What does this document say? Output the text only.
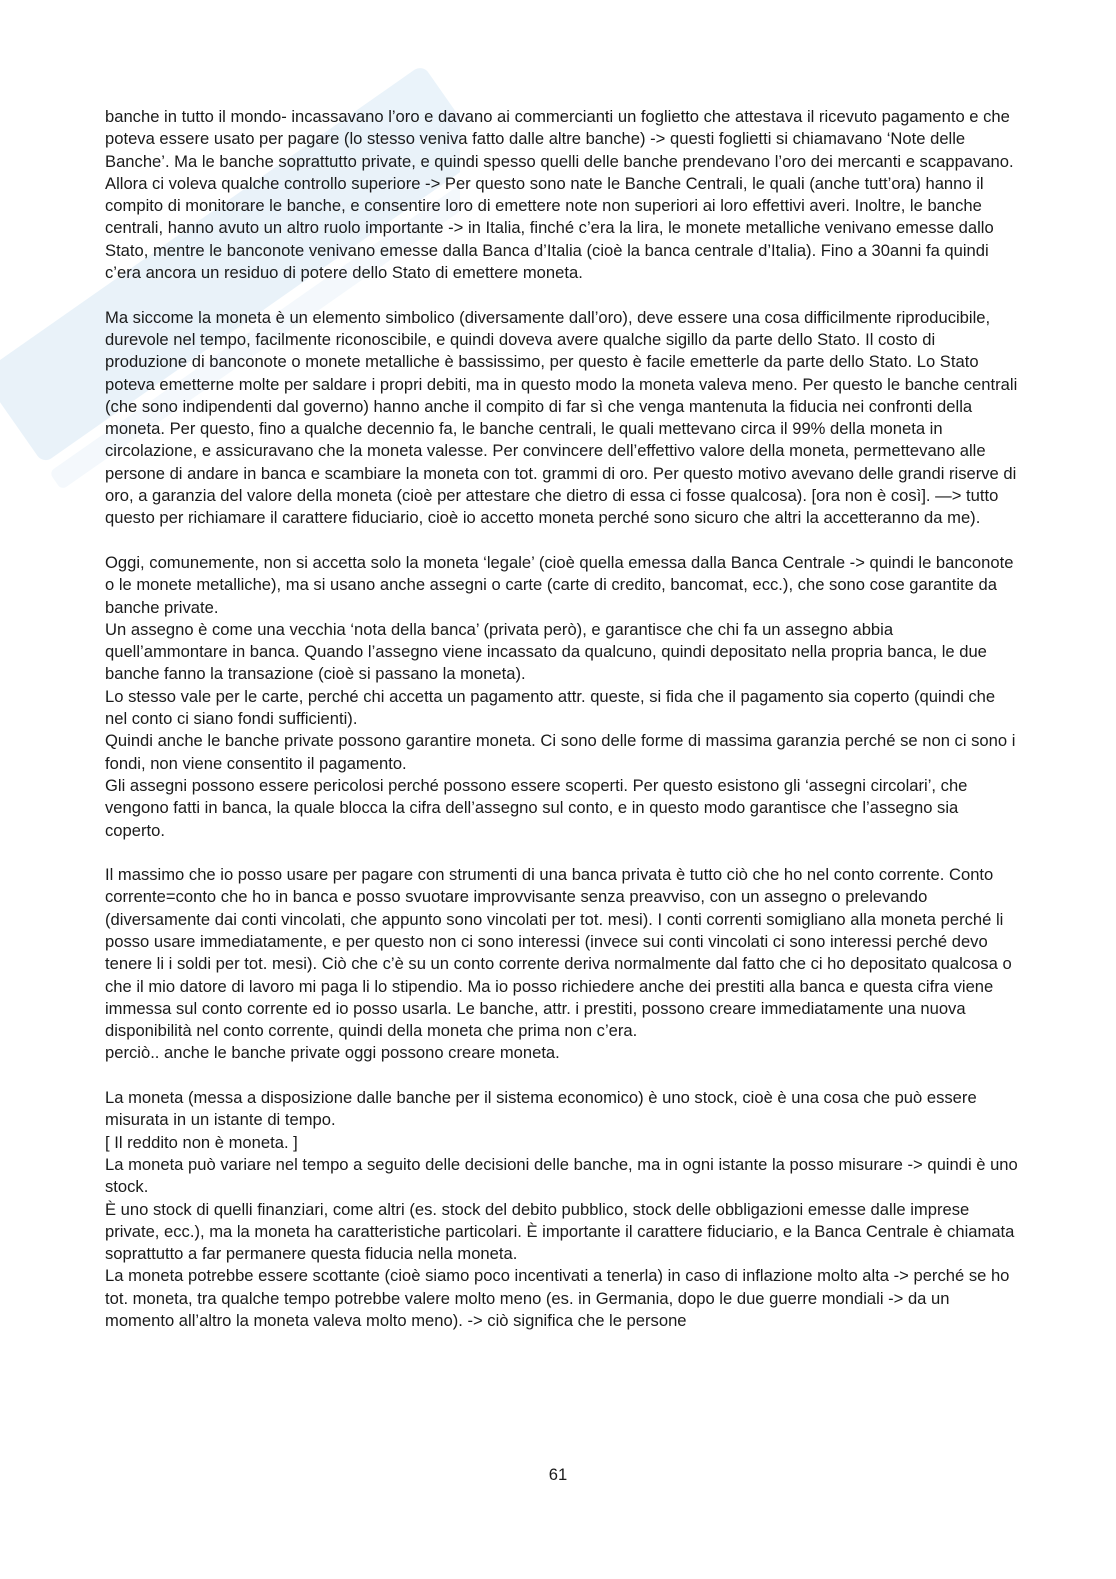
banche in tutto il mondo- incassavano l’oro e davano ai commercianti un foglietto che attestava il ricevuto pagamento e che poteva essere usato per pagare (lo stesso veniva fatto dalle altre banche) -> questi foglietti si chiamavano ‘Note delle Banche’. Ma le banche soprattutto private, e quindi spesso quelli delle banche prendevano l’oro dei mercanti e scappavano. Allora ci voleva qualche controllo superiore -> Per questo sono nate le Banche Centrali, le quali (anche tutt’ora) hanno il compito di monitorare le banche, e consentire loro di emettere note non superiori ai loro effettivi averi. Inoltre, le banche centrali, hanno avuto un altro ruolo importante -> in Italia, finché c’era la lira, le monete metalliche venivano emesse dallo Stato, mentre le banconote venivano emesse dalla Banca d’Italia (cioè la banca centrale d’Italia). Fino a 30anni fa quindi c’era ancora un residuo di potere dello Stato di emettere moneta.

Ma siccome la moneta è un elemento simbolico (diversamente dall’oro), deve essere una cosa difficilmente riproducibile, durevole nel tempo, facilmente riconoscibile, e quindi doveva avere qualche sigillo da parte dello Stato. Il costo di produzione di banconote o monete metalliche è bassissimo, per questo è facile emetterle da parte dello Stato. Lo Stato poteva emetterne molte per saldare i propri debiti, ma in questo modo la moneta valeva meno. Per questo le banche centrali (che sono indipendenti dal governo) hanno anche il compito di far sì che venga mantenuta la fiducia nei confronti della moneta. Per questo, fino a qualche decennio fa, le banche centrali, le quali mettevano circa il 99% della moneta in circolazione, e assicuravano che la moneta valesse. Per convincere dell’effettivo valore della moneta, permettevano alle persone di andare in banca e scambiare la moneta con tot. grammi di oro. Per questo motivo avevano delle grandi riserve di oro, a garanzia del valore della moneta (cioè per attestare che dietro di essa ci fosse qualcosa). [ora non è così]. —> tutto questo per richiamare il carattere fiduciario, cioè io accetto moneta perché sono sicuro che altri la accetteranno da me).

Oggi, comunemente, non si accetta solo la moneta ‘legale’ (cioè quella emessa dalla Banca Centrale -> quindi le banconote o le monete metalliche), ma si usano anche assegni o carte (carte di credito, bancomat, ecc.), che sono cose garantite da banche private.

Un assegno è come una vecchia ‘nota della banca’ (privata però), e garantisce che chi fa un assegno abbia quell’ammontare in banca. Quando l’assegno viene incassato da qualcuno, quindi depositato nella propria banca, le due banche fanno la transazione (cioè si passano la moneta).

Lo stesso vale per le carte, perché chi accetta un pagamento attr. queste, si fida che il pagamento sia coperto (quindi che nel conto ci siano fondi sufficienti).

Quindi anche le banche private possono garantire moneta. Ci sono delle forme di massima garanzia perché se non ci sono i fondi, non viene consentito il pagamento.

Gli assegni possono essere pericolosi perché possono essere scoperti. Per questo esistono gli ‘assegni circolari’, che vengono fatti in banca, la quale blocca la cifra dell’assegno sul conto, e in questo modo garantisce che l’assegno sia coperto.

Il massimo che io posso usare per pagare con strumenti di una banca privata è tutto ciò che ho nel conto corrente. Conto corrente=conto che ho in banca e posso svuotare improvvisante senza preavviso, con un assegno o prelevando (diversamente dai conti vincolati, che appunto sono vincolati per tot. mesi). I conti correnti somigliano alla moneta perché li posso usare immediatamente, e per questo non ci sono interessi (invece sui conti vincolati ci sono interessi perché devo tenere li i soldi per tot. mesi). Ciò che c’è su un conto corrente deriva normalmente dal fatto che ci ho depositato qualcosa o che il mio datore di lavoro mi paga li lo stipendio. Ma io posso richiedere anche dei prestiti alla banca e questa cifra viene immessa sul conto corrente ed io posso usarla. Le banche, attr. i prestiti, possono creare immediatamente una nuova disponibilità nel conto corrente, quindi della moneta che prima non c’era.

perciò.. anche le banche private oggi possono creare moneta.

La moneta (messa a disposizione dalle banche per il sistema economico) è uno stock, cioè è una cosa che può essere misurata in un istante di tempo.

[ Il reddito non è moneta. ]

La moneta può variare nel tempo a seguito delle decisioni delle banche, ma in ogni istante la posso misurare -> quindi è uno stock.

È uno stock di quelli finanziari, come altri (es. stock del debito pubblico, stock delle obbligazioni emesse dalle imprese private, ecc.), ma la moneta ha caratteristiche particolari. È importante il carattere fiduciario, e la Banca Centrale è chiamata soprattutto a far permanere questa fiducia nella moneta.

La moneta potrebbe essere scottante (cioè siamo poco incentivati a tenerla) in caso di inflazione molto alta -> perché se ho tot. moneta, tra qualche tempo potrebbe valere molto meno (es. in Germania, dopo le due guerre mondiali -> da un momento all’altro la moneta valeva molto meno). -> ciò significa che le persone

61
